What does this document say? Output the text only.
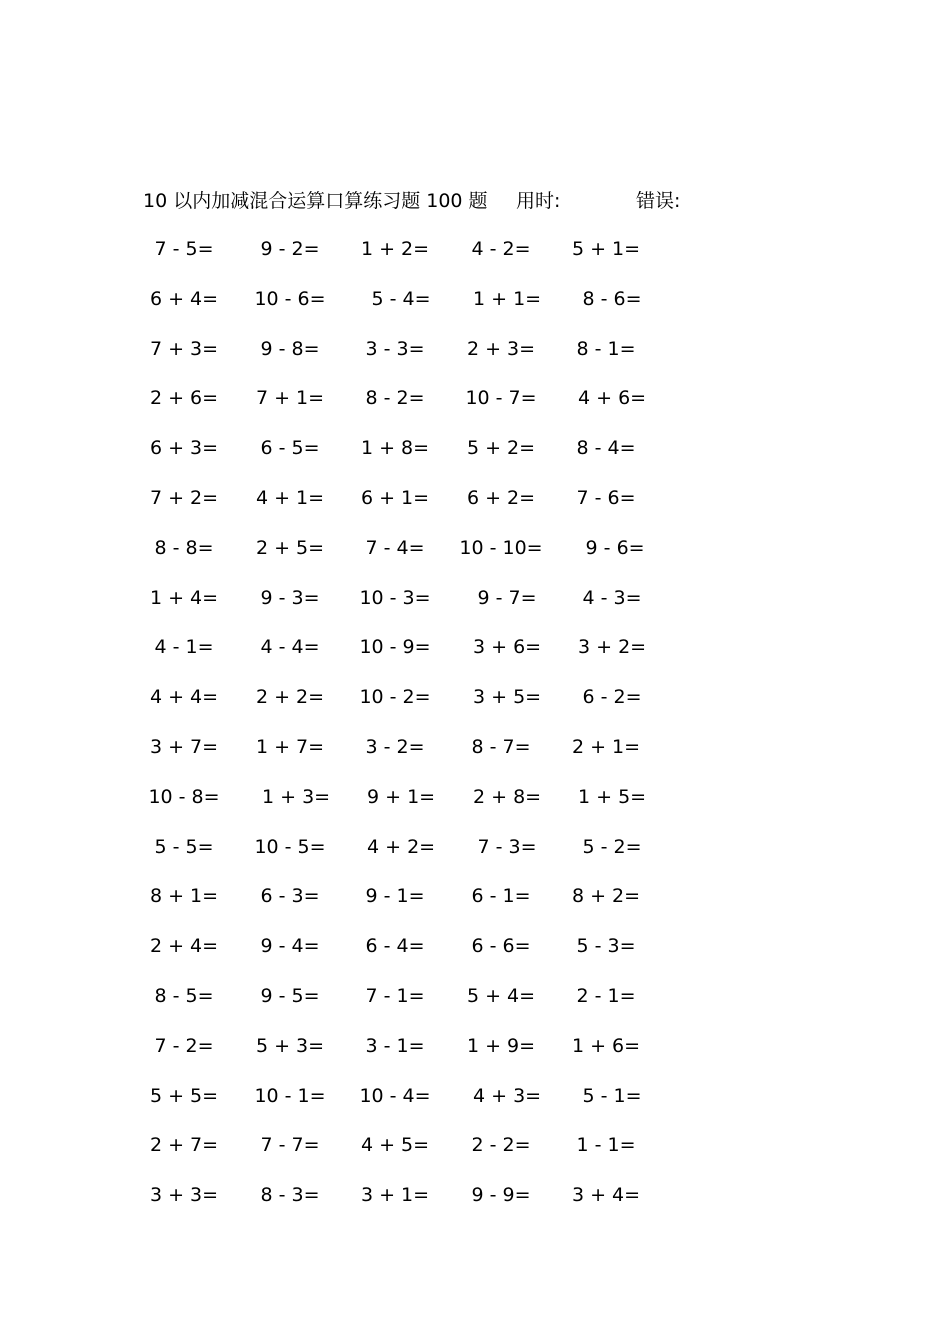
10 以内加减混合运算口算练习题 100 题 用时:	错误:
7 - 5=	9 - 2=	1 + 2=	4 - 2=	5 + 1=
6 + 4=	10 - 6=	5 - 4=	1 + 1=	8 - 6=
7 + 3=	9 - 8=	3 - 3=	2 + 3=	8 - 1=
2 + 6=	7 + 1=	8 - 2=	10 - 7=	4 + 6=
6 + 3=	6 - 5=	1 + 8=	5 + 2=	8 - 4=
7 + 2=	4 + 1=	6 + 1=	6 + 2=	7 - 6=
8 - 8=	2 + 5=	7 - 4=	10 - 10=	9 - 6=
1 + 4=	9 - 3=	10 - 3=	9 - 7=	4 - 3=
4 - 1=	4 - 4=	10 - 9=	3 + 6=	3 + 2=
4 + 4=	2 + 2=	10 - 2=	3 + 5=	6 - 2=
3 + 7=	1 + 7=	3 - 2=	8 - 7=	2 + 1=
10 - 8=	1 + 3=	9 + 1=	2 + 8=	1 + 5=
5 - 5=	10 - 5=	4 + 2=	7 - 3=	5 - 2=
8 + 1=	6 - 3=	9 - 1=	6 - 1=	8 + 2=
2 + 4=	9 - 4=	6 - 4=	6 - 6=	5 - 3=
8 - 5=	9 - 5=	7 - 1=	5 + 4=	2 - 1=
7 - 2=	5 + 3=	3 - 1=	1 + 9=	1 + 6=
5 + 5=	10 - 1=	10 - 4=	4 + 3=	5 - 1=
2 + 7=	7 - 7=	4 + 5=	2 - 2=	1 - 1=
3 + 3=	8 - 3=	3 + 1=	9 - 9=	3 + 4=
